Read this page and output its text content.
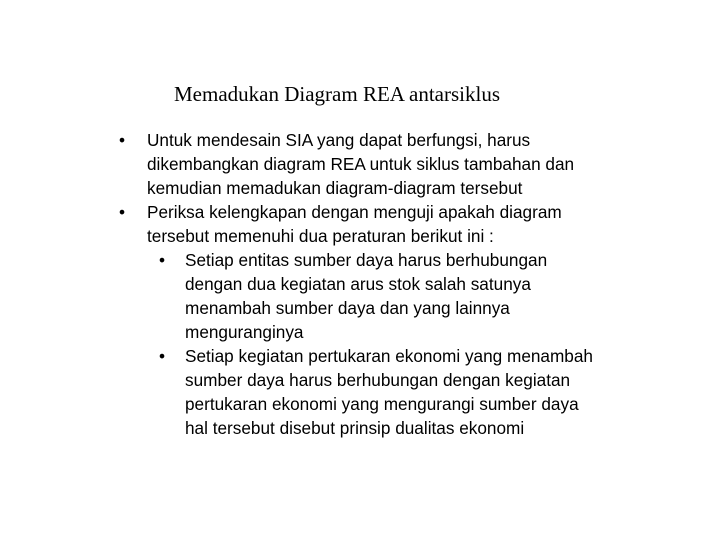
Memadukan Diagram REA antarsiklus
• Untuk mendesain SIA yang dapat berfungsi, harus
dikembangkan diagram REA untuk siklus tambahan dan
kemudian memadukan diagram-diagram tersebut
• Periksa kelengkapan dengan menguji apakah diagram
tersebut memenuhi dua peraturan berikut ini :
• Setiap entitas sumber daya harus berhubungan
dengan dua kegiatan arus stok salah satunya
menambah sumber daya dan yang lainnya
menguranginya
• Setiap kegiatan pertukaran ekonomi yang menambah
sumber daya harus berhubungan dengan kegiatan
pertukaran ekonomi yang mengurangi sumber daya
hal tersebut disebut prinsip dualitas ekonomi
